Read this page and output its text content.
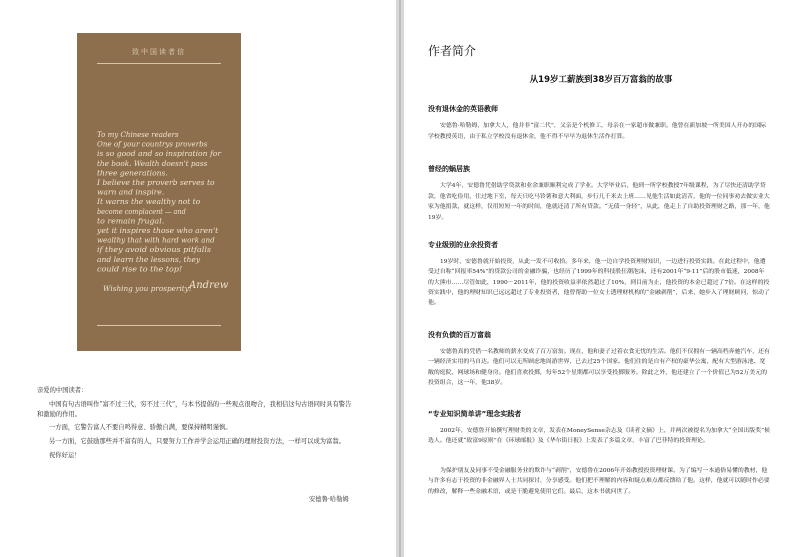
致中国读者信
To my Chinese readers
One of your countrys proverbs
is so good and so inspiration for
the book. Wealth doesn't pass
three generations.
I believe the proverb serves to
warn and inspire.
It warns the wealthy not to
become complacent — and
to remain frugal.
yet it inspires those who aren't
wealthy that with hard work and
if they avoid obvious pitfalls
and learn the lessons, they
could rise to the top!
Wishing you prosperity!
Andrew

亲爱的中国读者：

中国有句古语叫作“富不过三代，穷不过三代”，与本书提倡的一些观点很吻合，我相信这句古语同时具有警告和激励的作用。

一方面，它警告富人不要自鸣得意、骄傲自满，要保持精明谨慎。

另一方面，它鼓励那些并不富有的人，只要努力工作并学会运用正确的理财投资方法，一样可以成为富翁。

祝你好运！

安德鲁·哈勒姆
作者简介
从19岁工薪族到38岁百万富翁的故事
没有退休金的英语教师

安德鲁·哈勒姆，加拿大人，他并非“富二代”，父亲是个机修工，母亲在一家超市做兼职。他曾在新加坡一所美国人开办的国际学校教授英语，由于私立学校没有退休金，他不得不早早为退休生活作打算。

曾经的蜗居族

大学4年，安德鲁凭借助学贷款和业余兼职顺利完成了学业。大学毕业后，他到一所学校教授7年级课程，为了尽快还清助学贷款，他省吃俭用，住过地下室，每天只吃马铃薯和意大利面，步行几千米去上班……见他生活如此清苦，他的一位同事劝去做实业大家为他捐款，就这样，仅用短短一年的时间，他就还清了所有贷款。“无债一身轻”，从此，他走上了自助投资理财之路，那一年，他19岁。

专业级别的业余投资者

19岁时，安德鲁就开始投资，从此一发不可收拾。多年来，他一边自学投资理财知识，一边进行投资实践。在此过程中，他遭受过自称“回报率54%”的贷款公司的金融诈骗，也经历了1999年的科技股狂潮泡沫，还有2001年“9·11”后的股市低迷，2008年的大熊市……尽管如此，1990－2011年，他的投资收益率依然超过了10%，到目前为止，他投资的本金已超过了7倍。在这样的投资实践中，他的理财知识已远远超过了专业投资者，他曾帮助一位女士透理财机构的“金融剥削”，后来，她步入了理财顾问，惊动了他。

没有负债的百万富翁

安德鲁真的凭借一名教师的薪水变成了百万富翁。现在，他和妻子过着衣食无忧的生活。他们不仅拥有一辆高档奔驰汽车，还有一辆经济实用的马自达。他们可以无所顾虑地周游世界，已去过25个国家。他们住的是自有产权的豪华公寓，配有大型游泳池、宽敞的庭院、网球场和健身房。他们喜欢投掷，每年52个星期都可以享受投掷服务。除此之外，他还建立了一个价值已为52万美元的投资组合，这一年，他38岁。

“专业知识简单讲”理念实践者

2002年，安德鲁开始撰写理财类的文章，发表在MoneySense杂志及《读者文摘》上，并两次被提名为加拿大“全国出版奖”候选人。他还就“致富9原则”在《环球邮报》及《华尔街日报》上发表了多篇文章，丰富了巴菲特的投资理论。

为保护朋友及同事不受金融服务业的欺诈与“剥削”，安德鲁在2006年开始教授投资理财课。为了编写一本通俗易懂的教材，他与许多有志于投资的非金融界人士共同探讨，分享感受。他们把不理解的内容和疑点难点都反馈给了他。这样，他就可以随时作必要的修改，解释一些金融术语，或是干脆避免使用它们。最后，这本书就问世了。
